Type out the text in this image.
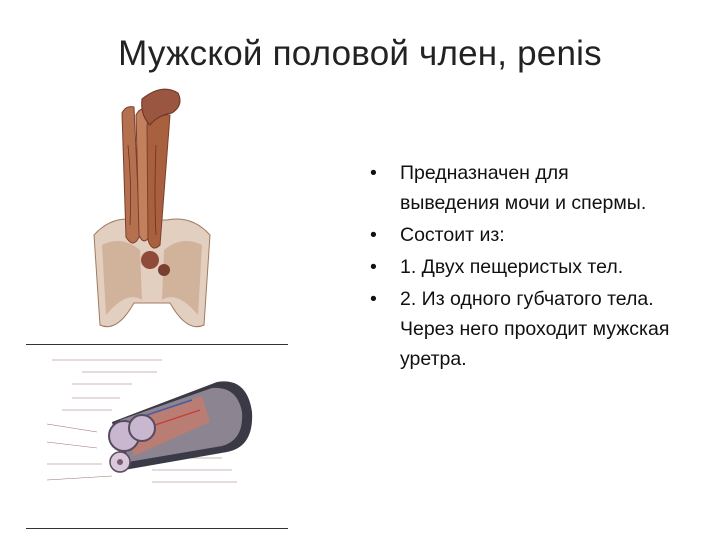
Мужской половой член, penis
• Предназначен для выведения мочи и спермы.
• Состоит из:
• 1. Двух пещеристых тел.
• 2. Из одного губчатого тела. Через него проходит мужская уретра.
